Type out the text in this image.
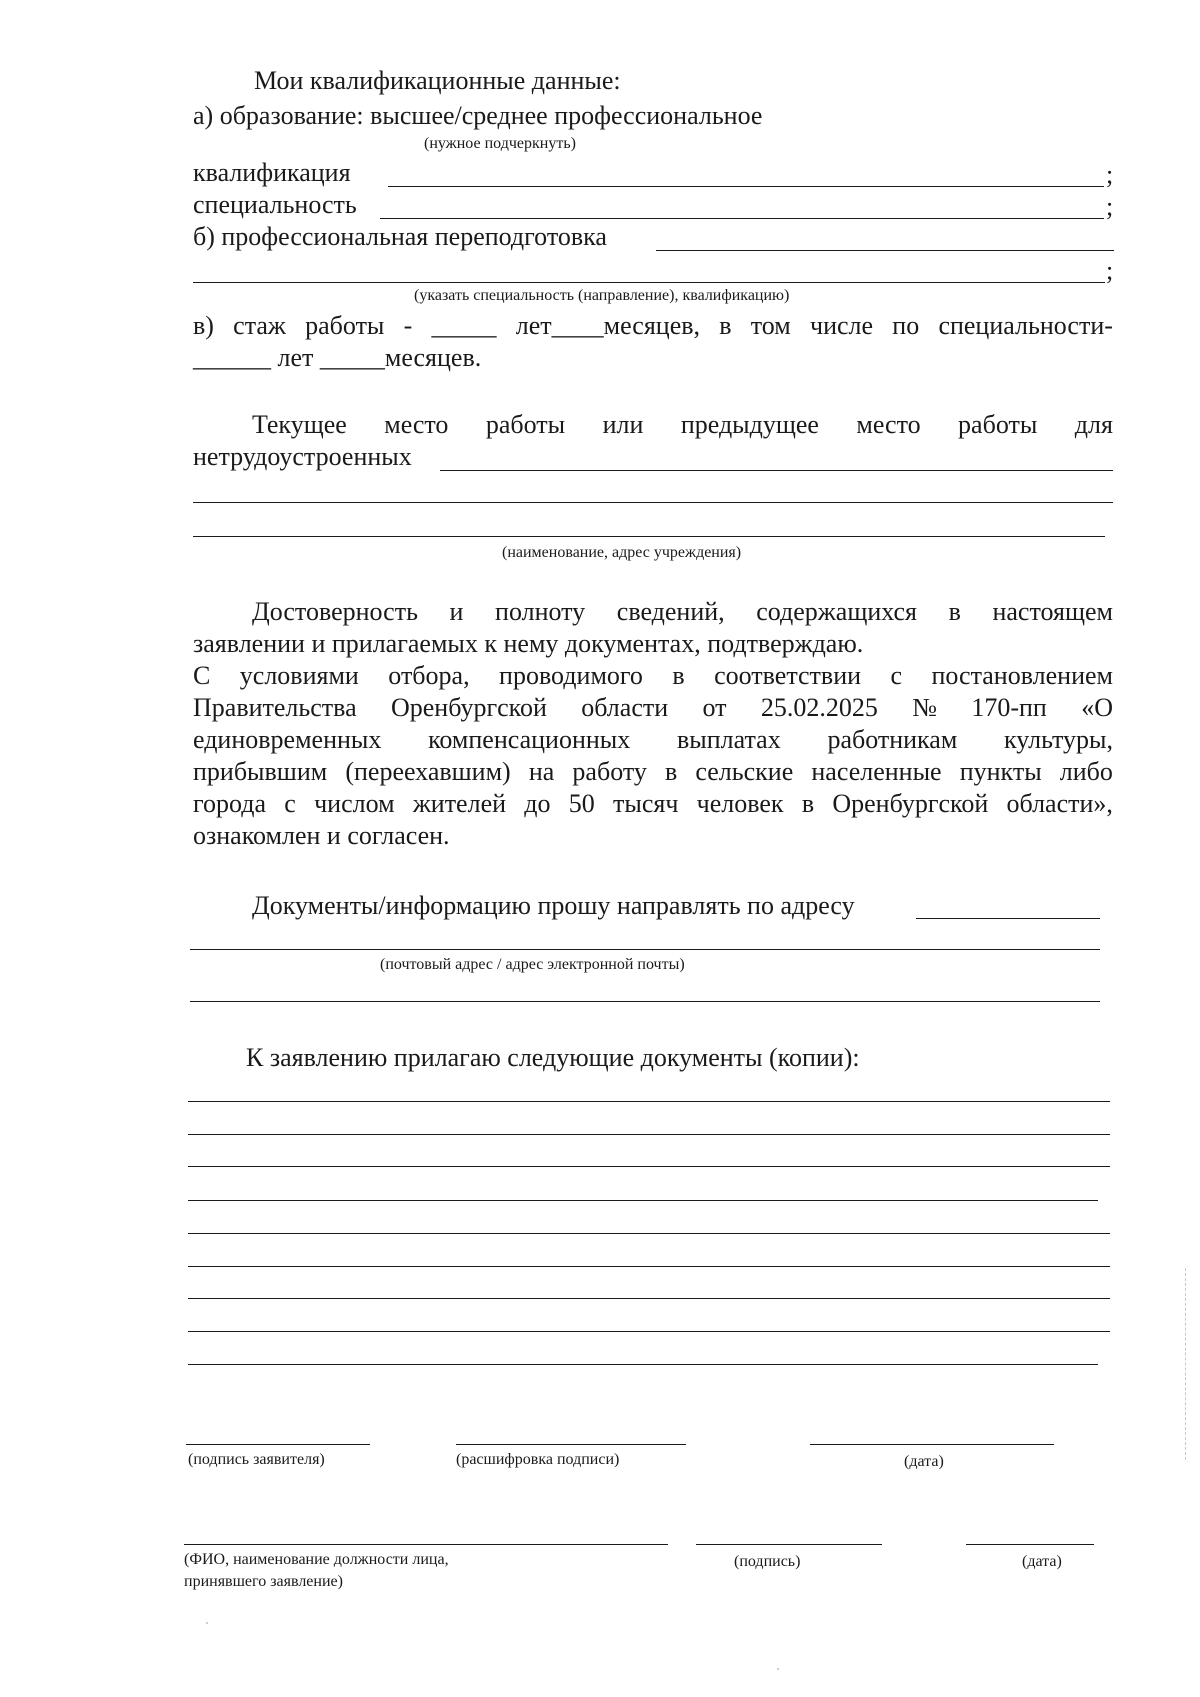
Мои квалификационные данные:
а) образование: высшее/среднее профессиональное
(нужное подчеркнуть)
квалификация	;
специальность	;
б) профессиональная переподготовка
;
(указать специальность (направление), квалификацию)
в) стаж работы - _____ лет____месяцев, в том числе по специальности-
______ лет _____месяцев.
Текущее место работы или предыдущее место работы для
нетрудоустроенных
(наименование, адрес учреждения)
Достоверность и полноту сведений, содержащихся в настоящем
заявлении и прилагаемых к нему документах, подтверждаю.
С условиями отбора, проводимого в соответствии с постановлением
Правительства Оренбургской области от 25.02.2025 № 170-пп «О
единовременных компенсационных выплатах работникам культуры,
прибывшим (переехавшим) на работу в сельские населенные пункты либо
города с числом жителей до 50 тысяч человек в Оренбургской области»,
ознакомлен и согласен.
Документы/информацию прошу направлять по адресу
(почтовый адрес / адрес электронной почты)
К заявлению прилагаю следующие документы (копии):
(подпись заявителя)	(расшифровка подписи)	(дата)
(ФИО, наименование должности лица,
принявшего заявление)
(подпись)	(дата)
